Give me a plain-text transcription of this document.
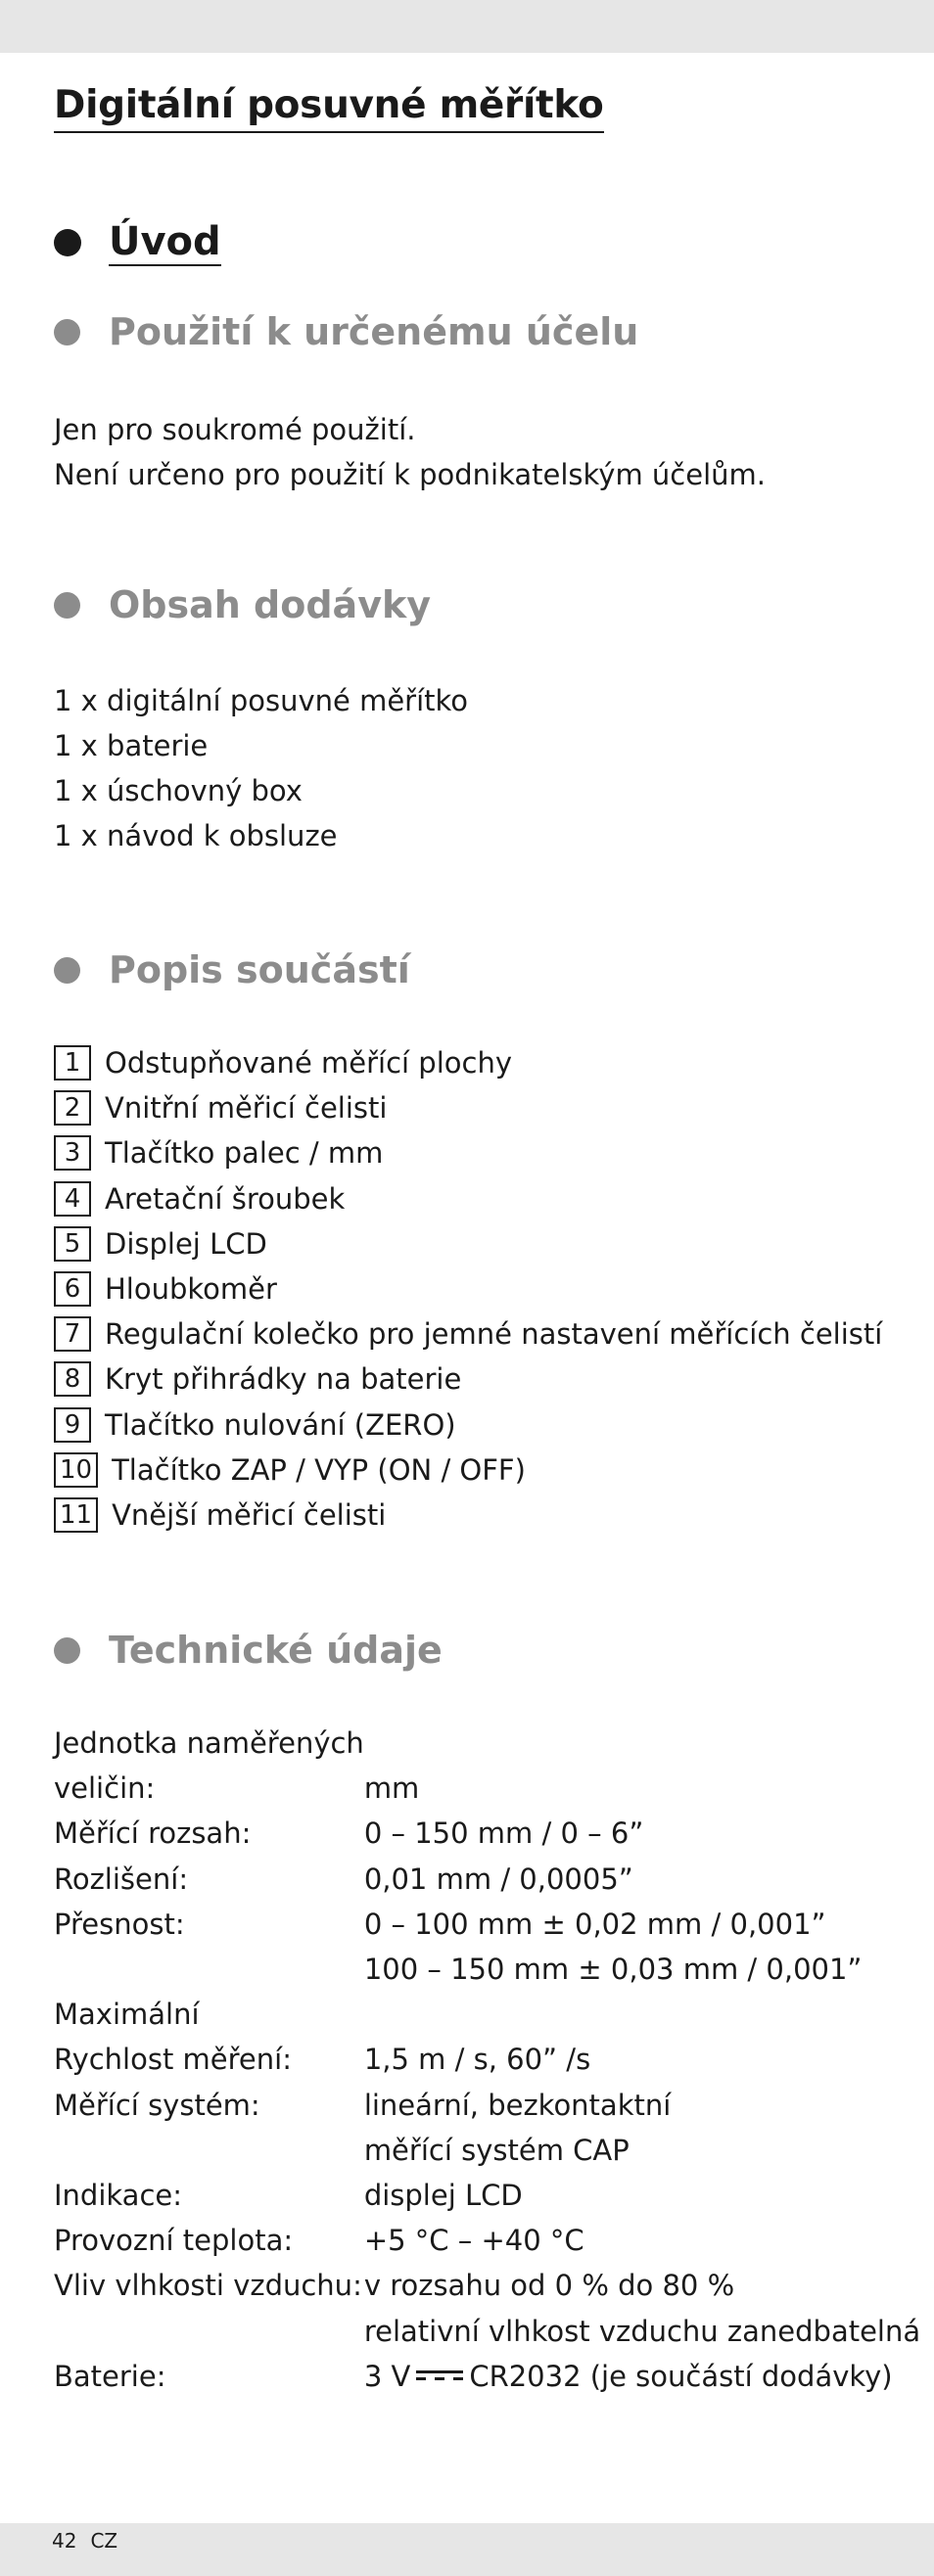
Digitální posuvné měřítko
Úvod
Použití k určenému účelu
Jen pro soukromé použití.
Není určeno pro použití k podnikatelským účelům.
Obsah dodávky
1 x digitální posuvné měřítko
1 x baterie
1 x úschovný box
1 x návod k obsluze
Popis součástí
1 Odstupňované měřící plochy
2 Vnitřní měřicí čelisti
3 Tlačítko palec / mm
4 Aretační šroubek
5 Displej LCD
6 Hloubkoměr
7 Regulační kolečko pro jemné nastavení měřících čelistí
8 Kryt přihrádky na baterie
9 Tlačítko nulování (ZERO)
10 Tlačítko ZAP / VYP (ON / OFF)
11 Vnější měřicí čelisti
Technické údaje
Jednotka naměřených	
veličin:	mm
Měřící rozsah:	0 – 150 mm / 0 – 6”
Rozlišení:	0,01 mm / 0,0005”
Přesnost:	0 – 100 mm ± 0,02 mm / 0,001”
	100 – 150 mm ± 0,03 mm / 0,001”
Maximální	
Rychlost měření:	1,5 m / s, 60” /s
Měřící systém:	lineární, bezkontaktní
	měřící systém CAP
Indikace:	displej LCD
Provozní teplota:	+5 °C – +40 °C
Vliv vlhkosti vzduchu:	v rozsahu od 0 % do 80 %
	relativní vlhkost vzduchu zanedbatelná
Baterie:	3 V CR2032 (je součástí dodávky)
42 CZ
